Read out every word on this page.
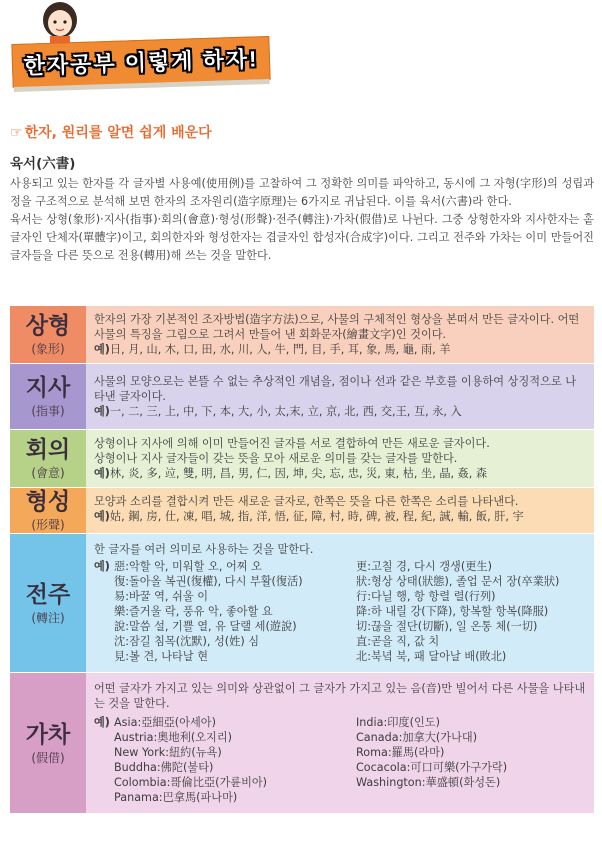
한자공부 이렇게 하자!
☞ 한자, 원리를 알면 쉽게 배운다
육서(六書)

사용되고 있는 한자를 각 글자별 사용예(使用例)를 고찰하여 그 정확한 의미를 파악하고, 동시에 그 자형(字形)의 성립과정을 구조적으로 분석해 보면 한자의 조자원리(造字原理)는 6가지로 귀납된다. 이를 육서(六書)라 한다.

육서는 상형(象形)·지사(指事)·회의(會意)·형성(形聲)·전주(轉注)·가차(假借)로 나뉜다. 그중 상형한자와 지사한자는 홑글자인 단체자(單體字)이고, 회의한자와 형성한자는 겹글자인 합성자(合成字)이다. 그리고 전주와 가차는 이미 만들어진 글자들을 다른 뜻으로 전용(轉用)해 쓰는 것을 말한다.

상형
(象形)
한자의 가장 기본적인 조자방법(造字方法)으로, 사물의 구체적인 형상을 본떠서 만든 글자이다. 어떤 사물의 특징을 그림으로 그려서 만들어 낸 회화문자(繪畫文字)인 것이다.
예)日, 月, 山, 木, 口, 田, 水, 川, 人, 牛, 門, 目, 手, 耳, 象, 馬, 龜, 雨, 羊
지사
(指事)
사물의 모양으로는 본뜰 수 없는 추상적인 개념을, 점이나 선과 같은 부호를 이용하여 상징적으로 나타낸 글자이다.
예)一, 二, 三, 上, 中, 下, 本, 大, 小, 太,末, 立, 京, 北, 西, 交,王, 互, 永, 入
회의
(會意)
상형이나 지사에 의해 이미 만들어진 글자를 서로 결합하여 만든 새로운 글자이다.
상형이나 지사 글자들이 갖는 뜻을 모아 새로운 의미를 갖는 글자를 말한다.
예)林, 炎, 多, 竝, 雙, 明, 昌, 男, 仁, 因, 坤, 尖, 忘, 忠, 災, 東, 枯, 坐, 晶, 姦, 森
형성
(形聲)
모양과 소리를 결합시켜 만든 새로운 글자로, 한쪽은 뜻을 다른 한쪽은 소리를 나타낸다.
예)姑, 鋼, 房, 仕, 凍, 唱, 城, 指, 洋, 悟, 征, 障, 村, 時, 碑, 被, 程, 紀, 誠, 輸, 飯, 肝, 宇
전주
(轉注)
한 글자를 여러 의미로 사용하는 것을 말한다.
예) 惡:악할 악, 미워할 오, 어찌 오
復:돌아올 복권(復權), 다시 부활(復活)
易:바꿀 역, 쉬울 이
樂:즐거울 락, 풍유 악, 좋아할 요
說:말씀 설, 기쁠 열, 유 달랠 세(遊說)
沈:잠길 침목(沈默), 성(姓) 심
見:볼 견, 나타날 현
更:고칠 경, 다시 갱생(更生)
狀:형상 상태(狀態), 졸업 문서 장(卒業狀)
行:다닐 행, 항 항렬 렬(行列)
降:하 내릴 강(下降), 항복할 항복(降服)
切:끊을 절단(切斷), 일 온통 체(一切)
直:곧을 직, 값 치
北:북녘 북, 패 달아날 배(敗北)
가차
(假借)
어떤 글자가 가지고 있는 의미와 상관없이 그 글자가 가지고 있는 음(音)만 빌어서 다른 사물을 나타내는 것을 말한다.
예) Asia:亞細亞(아세아)
Austria:奧地利(오지리)
New York:紐約(뉴욕)
Buddha:佛陀(불타)
Colombia:哥倫比亞(가륜비아)
Panama:巴拿馬(파나마)
India:印度(인도)
Canada:加拿大(가나대)
Roma:羅馬(라마)
Cocacola:可口可樂(가구가락)
Washington:華盛頓(화성돈)
